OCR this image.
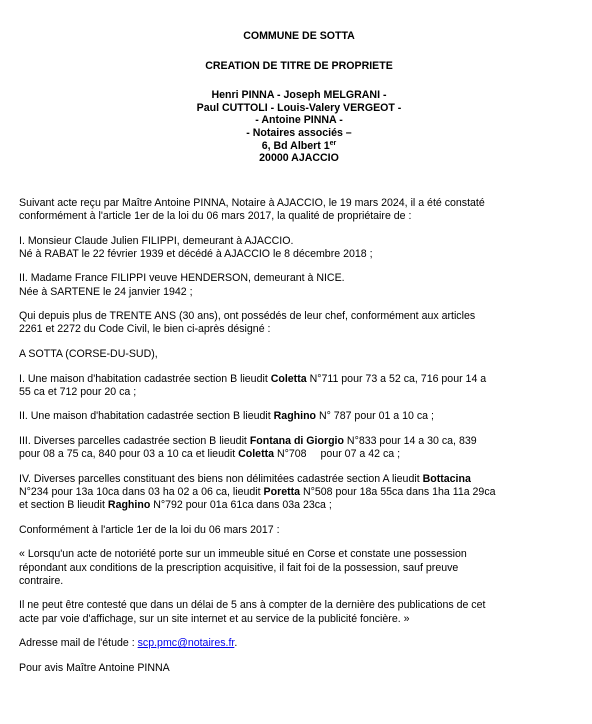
COMMUNE DE SOTTA

CREATION DE TITRE DE PROPRIETE

Henri PINNA - Joseph MELGRANI -

Paul CUTTOLI - Louis-Valery VERGEOT -

- Antoine PINNA -

- Notaires associés –

6, Bd Albert 1er

20000 AJACCIO

Suivant acte reçu par Maître Antoine PINNA, Notaire à AJACCIO, le 19 mars 2024, il a été constaté
conformément à l'article 1er de la loi du 06 mars 2017, la qualité de propriétaire de :

I. Monsieur Claude Julien FILIPPI, demeurant à AJACCIO.
Né à RABAT le 22 février 1939 et décédé à AJACCIO le 8 décembre 2018 ;

II. Madame France FILIPPI veuve HENDERSON, demeurant à NICE.
Née à SARTENE le 24 janvier 1942 ;

Qui depuis plus de TRENTE ANS (30 ans), ont possédés de leur chef, conformément aux articles
2261 et 2272 du Code Civil, le bien ci-après désigné :

A SOTTA (CORSE-DU-SUD),

I. Une maison d'habitation cadastrée section B lieudit Coletta N°711 pour 73 a 52 ca, 716 pour 14 a
55 ca et 712 pour 20 ca ;

II. Une maison d'habitation cadastrée section B lieudit Raghino N° 787 pour 01 a 10 ca ;

III. Diverses parcelles cadastrée section B lieudit Fontana di Giorgio N°833 pour 14 a 30 ca, 839
pour 08 a 75 ca, 840 pour 03 a 10 ca et lieudit Coletta N°708 pour 07 a 42 ca ;

IV. Diverses parcelles constituant des biens non délimitées cadastrée section A lieudit Bottacina
N°234 pour 13a 10ca dans 03 ha 02 a 06 ca, lieudit Poretta N°508 pour 18a 55ca dans 1ha 11a 29ca
et section B lieudit Raghino N°792 pour 01a 61ca dans 03a 23ca ;

Conformément à l'article 1er de la loi du 06 mars 2017 :

« Lorsqu'un acte de notoriété porte sur un immeuble situé en Corse et constate une possession
répondant aux conditions de la prescription acquisitive, il fait foi de la possession, sauf preuve
contraire.

Il ne peut être contesté que dans un délai de 5 ans à compter de la dernière des publications de cet
acte par voie d'affichage, sur un site internet et au service de la publicité foncière. »

Adresse mail de l'étude : scp.pmc@notaires.fr.

Pour avis Maître Antoine PINNA
